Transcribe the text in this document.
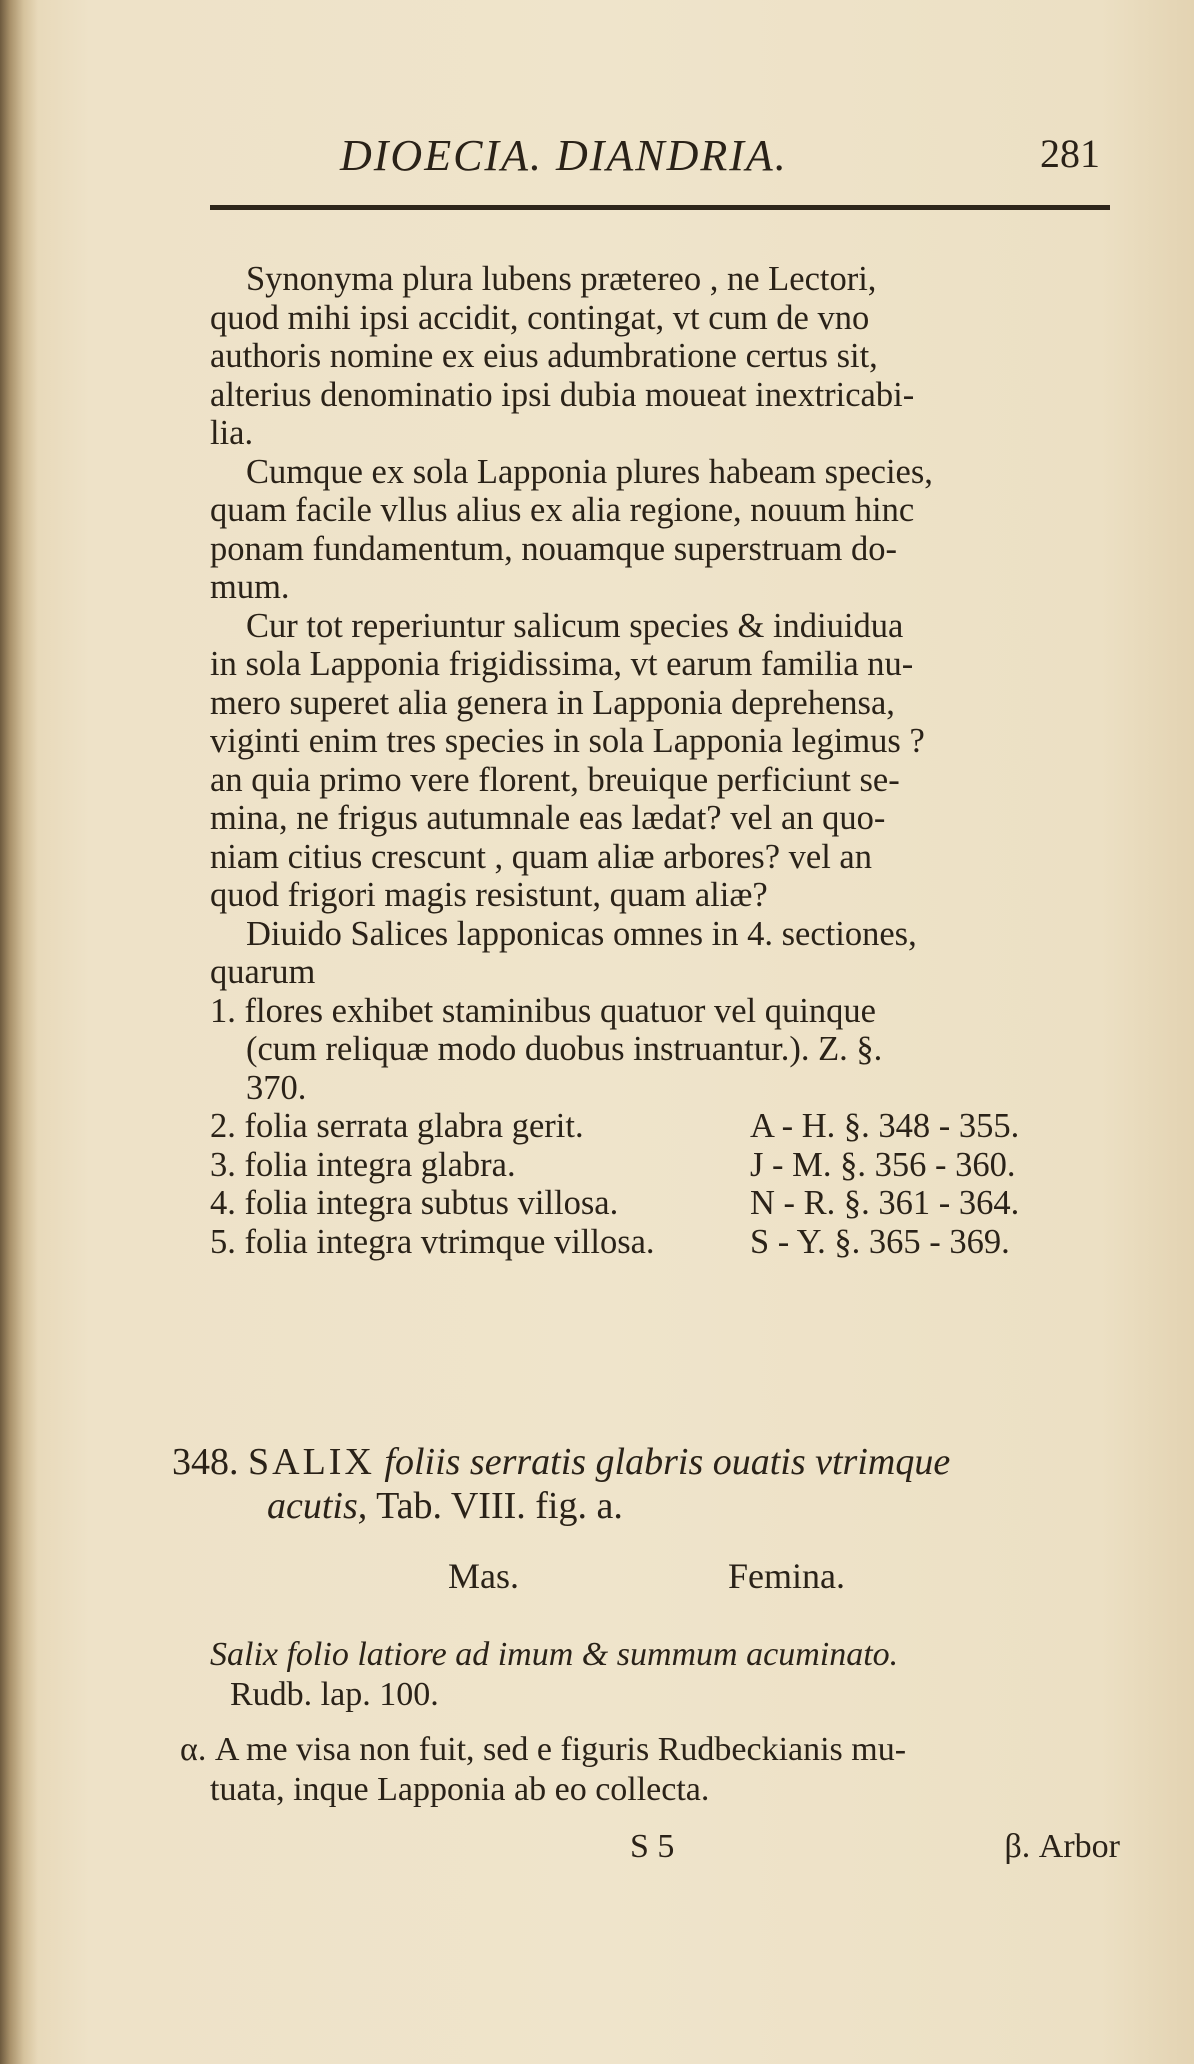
DIOECIA. DIANDRIA.	281
Synonyma plura lubens prætereo , ne Lectori,
quod mihi ipsi accidit, contingat, vt cum de vno
authoris nomine ex eius adumbratione certus sit,
alterius denominatio ipsi dubia moueat inextricabi-
lia.
Cumque ex sola Lapponia plures habeam species,
quam facile vllus alius ex alia regione, nouum hinc
ponam fundamentum, nouamque superstruam do-
mum.
Cur tot reperiuntur salicum species & indiuidua
in sola Lapponia frigidissima, vt earum familia nu-
mero superet alia genera in Lapponia deprehensa,
viginti enim tres species in sola Lapponia legimus ?
an quia primo vere florent, breuique perficiunt se-
mina, ne frigus autumnale eas lædat? vel an quo-
niam citius crescunt , quam aliæ arbores? vel an
quod frigori magis resistunt, quam aliæ?
Diuido Salices lapponicas omnes in 4. sectiones,
quarum
1. flores exhibet staminibus quatuor vel quinque
(cum reliquæ modo duobus instruantur.). Z. §.
370.
2. folia serrata glabra gerit.	A - H. §. 348 - 355.
3. folia integra glabra.	J - M. §. 356 - 360.
4. folia integra subtus villosa.	N - R. §. 361 - 364.
5. folia integra vtrimque villosa.	S - Y. §. 365 - 369.
348. SALIX foliis serratis glabris ouatis vtrimque
acutis, Tab. VIII. fig. a.
Mas.	Femina.
Salix folio latiore ad imum & summum acuminato.
Rudb. lap. 100.
α. A me visa non fuit, sed e figuris Rudbeckianis mu-
tuata, inque Lapponia ab eo collecta.
S 5	β. Arbor
